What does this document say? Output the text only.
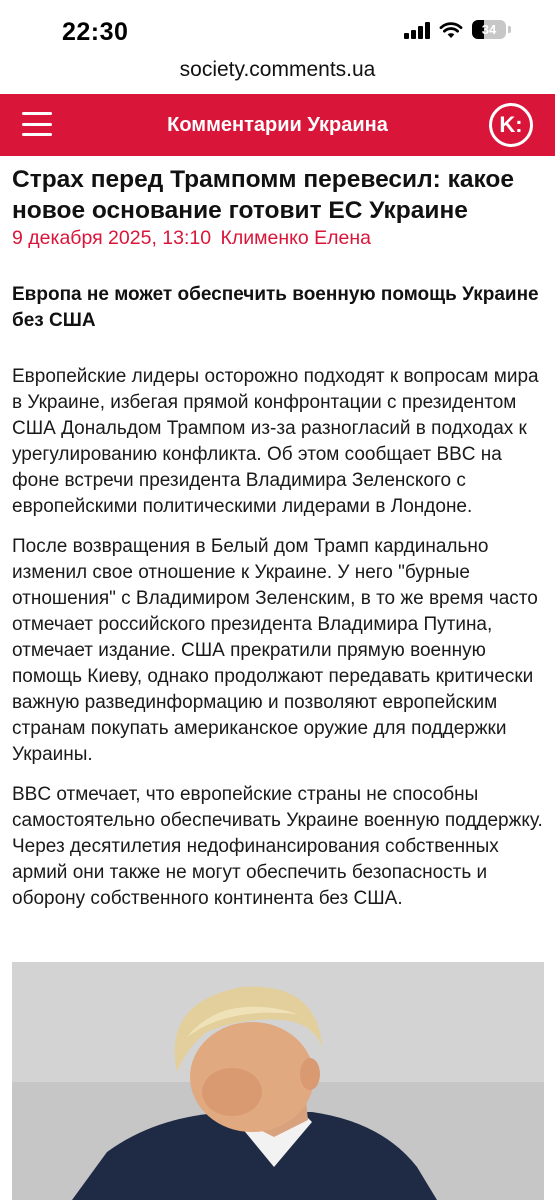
22:30	34
society.comments.ua
Комментарии Украина	K:
Страх перед Трампомм перевесил: какое новое основание готовит ЕС Украине
9 декабря 2025, 13:10 Клименко Елена

Европа не может обеспечить военную помощь Украине без США

Европейские лидеры осторожно подходят к вопросам мира в Украине, избегая прямой конфронтации с президентом США Дональдом Трампом из-за разногласий в подходах к урегулированию конфликта. Об этом сообщает BBC на фоне встречи президента Владимира Зеленского с европейскими политическими лидерами в Лондоне.

После возвращения в Белый дом Трамп кардинально изменил свое отношение к Украине. У него "бурные отношения" с Владимиром Зеленским, в то же время часто отмечает российского президента Владимира Путина, отмечает издание. США прекратили прямую военную помощь Киеву, однако продолжают передавать критически важную развединформацию и позволяют европейским странам покупать американское оружие для поддержки Украины.

BBC отмечает, что европейские страны не способны самостоятельно обеспечивать Украине военную поддержку. Через десятилетия недофинансирования собственных армий они также не могут обеспечить безопасность и оборону собственного континента без США.
